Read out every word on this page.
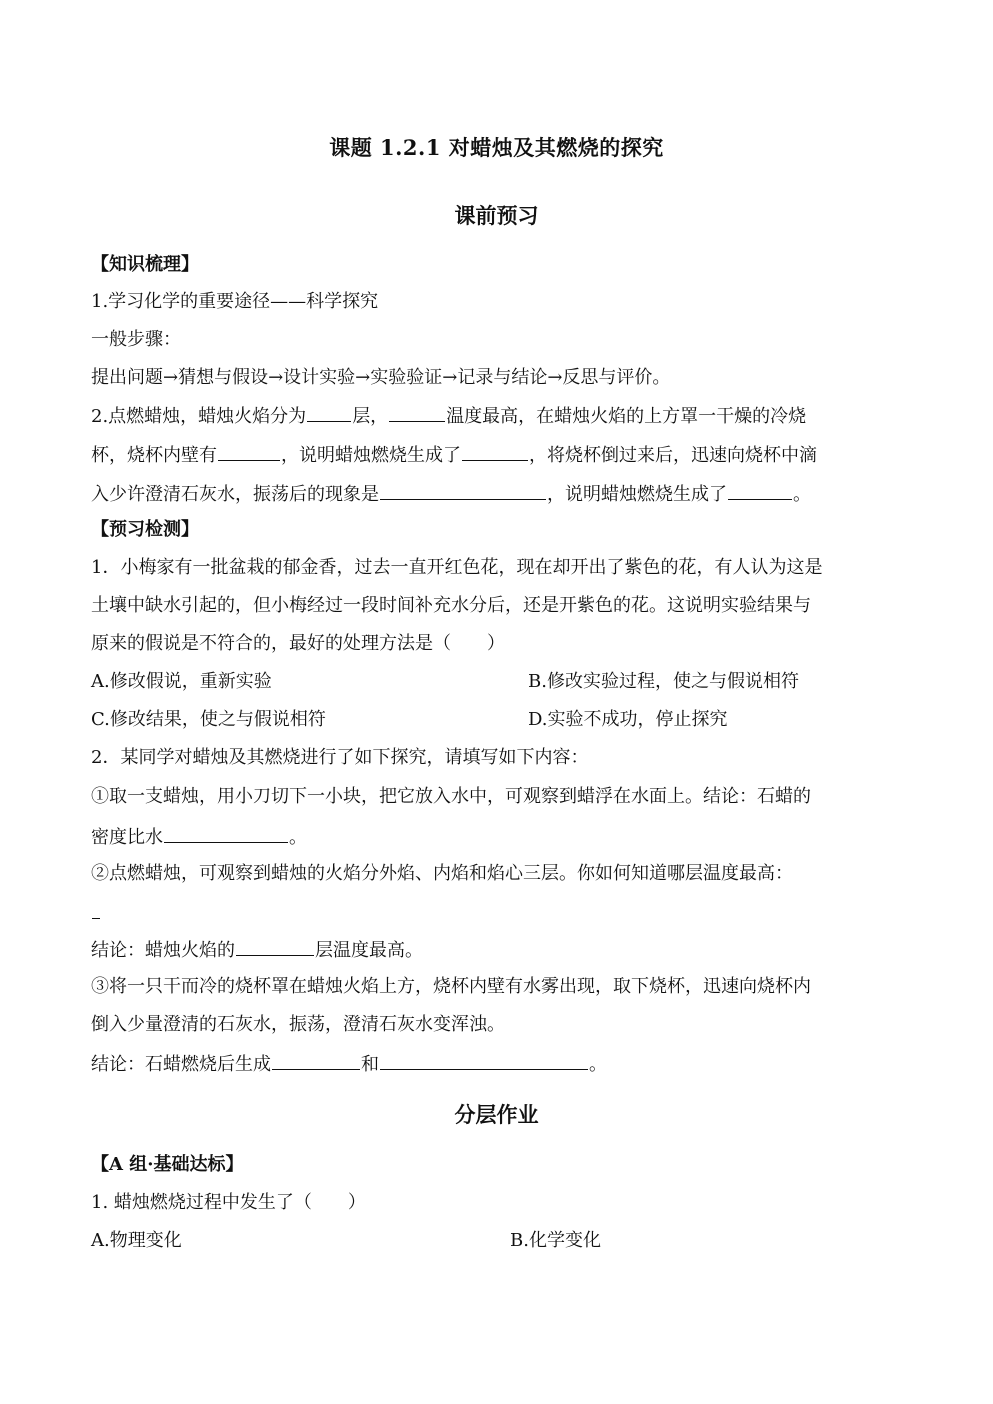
课题 1.2.1 对蜡烛及其燃烧的探究
课前预习
【知识梳理】
1.学习化学的重要途径——科学探究
一般步骤：
提出问题→猜想与假设→设计实验→实验验证→记录与结论→反思与评价。
2.点燃蜡烛，蜡烛火焰分为	层，	温度最高，在蜡烛火焰的上方罩一干燥的冷烧
杯，烧杯内壁有	，说明蜡烛燃烧生成了	，将烧杯倒过来后，迅速向烧杯中滴
入少许澄清石灰水，振荡后的现象是	，说明蜡烛燃烧生成了	。
【预习检测】
1．小梅家有一批盆栽的郁金香，过去一直开红色花，现在却开出了紫色的花，有人认为这是
土壤中缺水引起的，但小梅经过一段时间补充水分后，还是开紫色的花。这说明实验结果与
原来的假说是不符合的，最好的处理方法是（　　）
A.修改假说，重新实验	B.修改实验过程，使之与假说相符
C.修改结果，使之与假说相符	D.实验不成功，停止探究
2．某同学对蜡烛及其燃烧进行了如下探究，请填写如下内容：
①取一支蜡烛，用小刀切下一小块，把它放入水中，可观察到蜡浮在水面上。结论：石蜡的
密度比水	。
②点燃蜡烛，可观察到蜡烛的火焰分外焰、内焰和焰心三层。你如何知道哪层温度最高：
结论：蜡烛火焰的	层温度最高。
③将一只干而冷的烧杯罩在蜡烛火焰上方，烧杯内壁有水雾出现，取下烧杯，迅速向烧杯内
倒入少量澄清的石灰水，振荡，澄清石灰水变浑浊。
结论：石蜡燃烧后生成	和	。
分层作业
【A 组·基础达标】
1. 蜡烛燃烧过程中发生了（　　）
A.物理变化	B.化学变化
